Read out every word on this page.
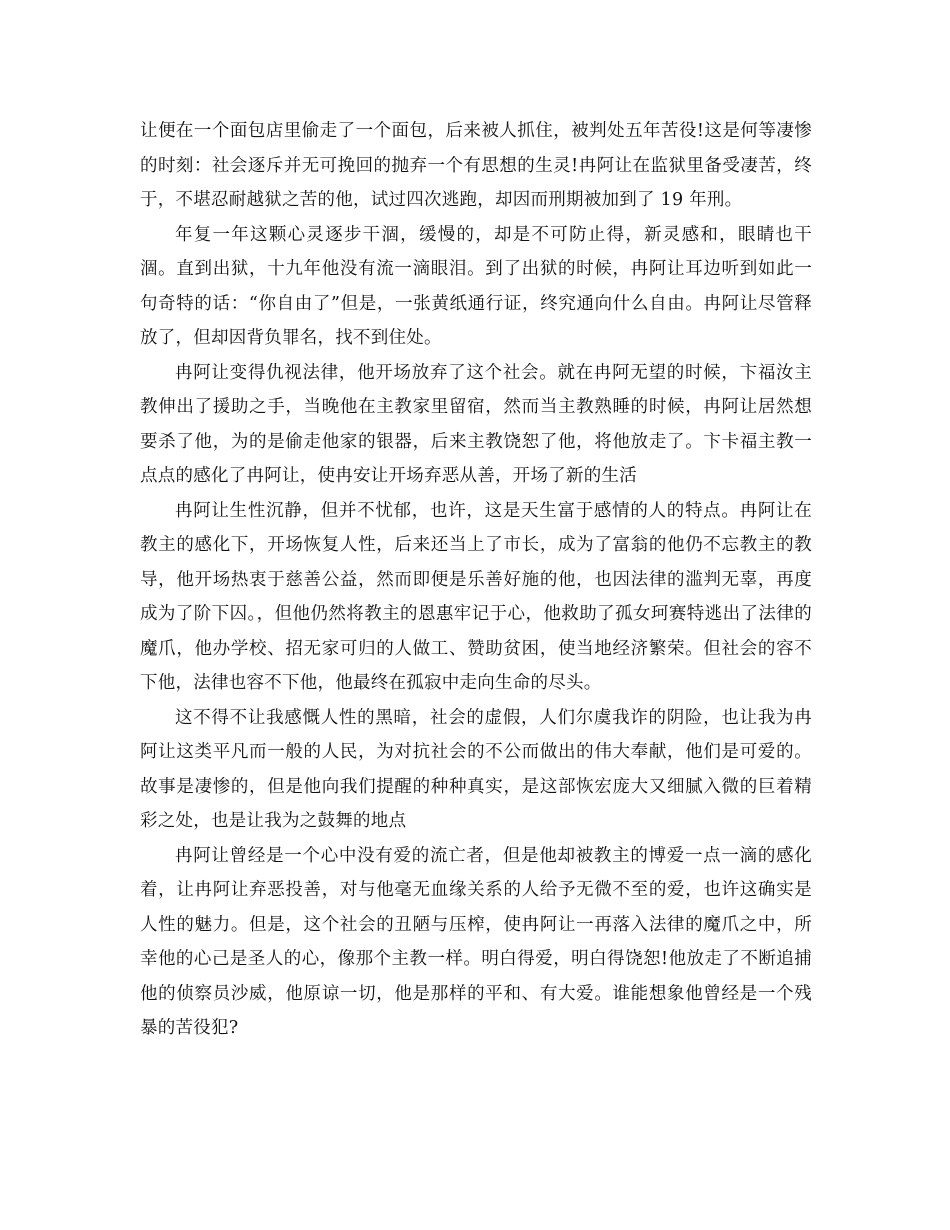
让便在一个面包店里偷走了一个面包，后来被人抓住，被判处五年苦役!这是何等凄惨的时刻：社会逐斥并无可挽回的抛弃一个有思想的生灵!冉阿让在监狱里备受凄苦，终于，不堪忍耐越狱之苦的他，试过四次逃跑，却因而刑期被加到了 19 年刑。

年复一年这颗心灵逐步干涸，缓慢的，却是不可防止得，新灵感和，眼睛也干涸。直到出狱，十九年他没有流一滴眼泪。到了出狱的时候，冉阿让耳边听到如此一句奇特的话：“你自由了”但是，一张黄纸通行证，终究通向什么自由。冉阿让尽管释放了，但却因背负罪名，找不到住处。

冉阿让变得仇视法律，他开场放弃了这个社会。就在冉阿无望的时候，卞福汝主教伸出了援助之手，当晚他在主教家里留宿，然而当主教熟睡的时候，冉阿让居然想要杀了他，为的是偷走他家的银器，后来主教饶恕了他，将他放走了。卞卡福主教一点点的感化了冉阿让，使冉安让开场弃恶从善，开场了新的生活

冉阿让生性沉静，但并不忧郁，也许，这是天生富于感情的人的特点。冉阿让在教主的感化下，开场恢复人性，后来还当上了市长，成为了富翁的他仍不忘教主的教导，他开场热衷于慈善公益，然而即便是乐善好施的他，也因法律的滥判无辜，再度成为了阶下囚。，但他仍然将教主的恩惠牢记于心，他救助了孤女珂赛特逃出了法律的魔爪，他办学校、招无家可归的人做工、赞助贫困，使当地经济繁荣。但社会的容不下他，法律也容不下他，他最终在孤寂中走向生命的尽头。

这不得不让我感慨人性的黑暗，社会的虚假，人们尔虞我诈的阴险，也让我为冉阿让这类平凡而一般的人民，为对抗社会的不公而做出的伟大奉献，他们是可爱的。故事是凄惨的，但是他向我们提醒的种种真实，是这部恢宏庞大又细腻入微的巨着精彩之处，也是让我为之鼓舞的地点

冉阿让曾经是一个心中没有爱的流亡者，但是他却被教主的博爱一点一滴的感化着，让冉阿让弃恶投善，对与他毫无血缘关系的人给予无微不至的爱，也许这确实是人性的魅力。但是，这个社会的丑陋与压榨，使冉阿让一再落入法律的魔爪之中，所幸他的心己是圣人的心，像那个主教一样。明白得爱，明白得饶恕!他放走了不断追捕他的侦察员沙威，他原谅一切，他是那样的平和、有大爱。谁能想象他曾经是一个残暴的苦役犯?
